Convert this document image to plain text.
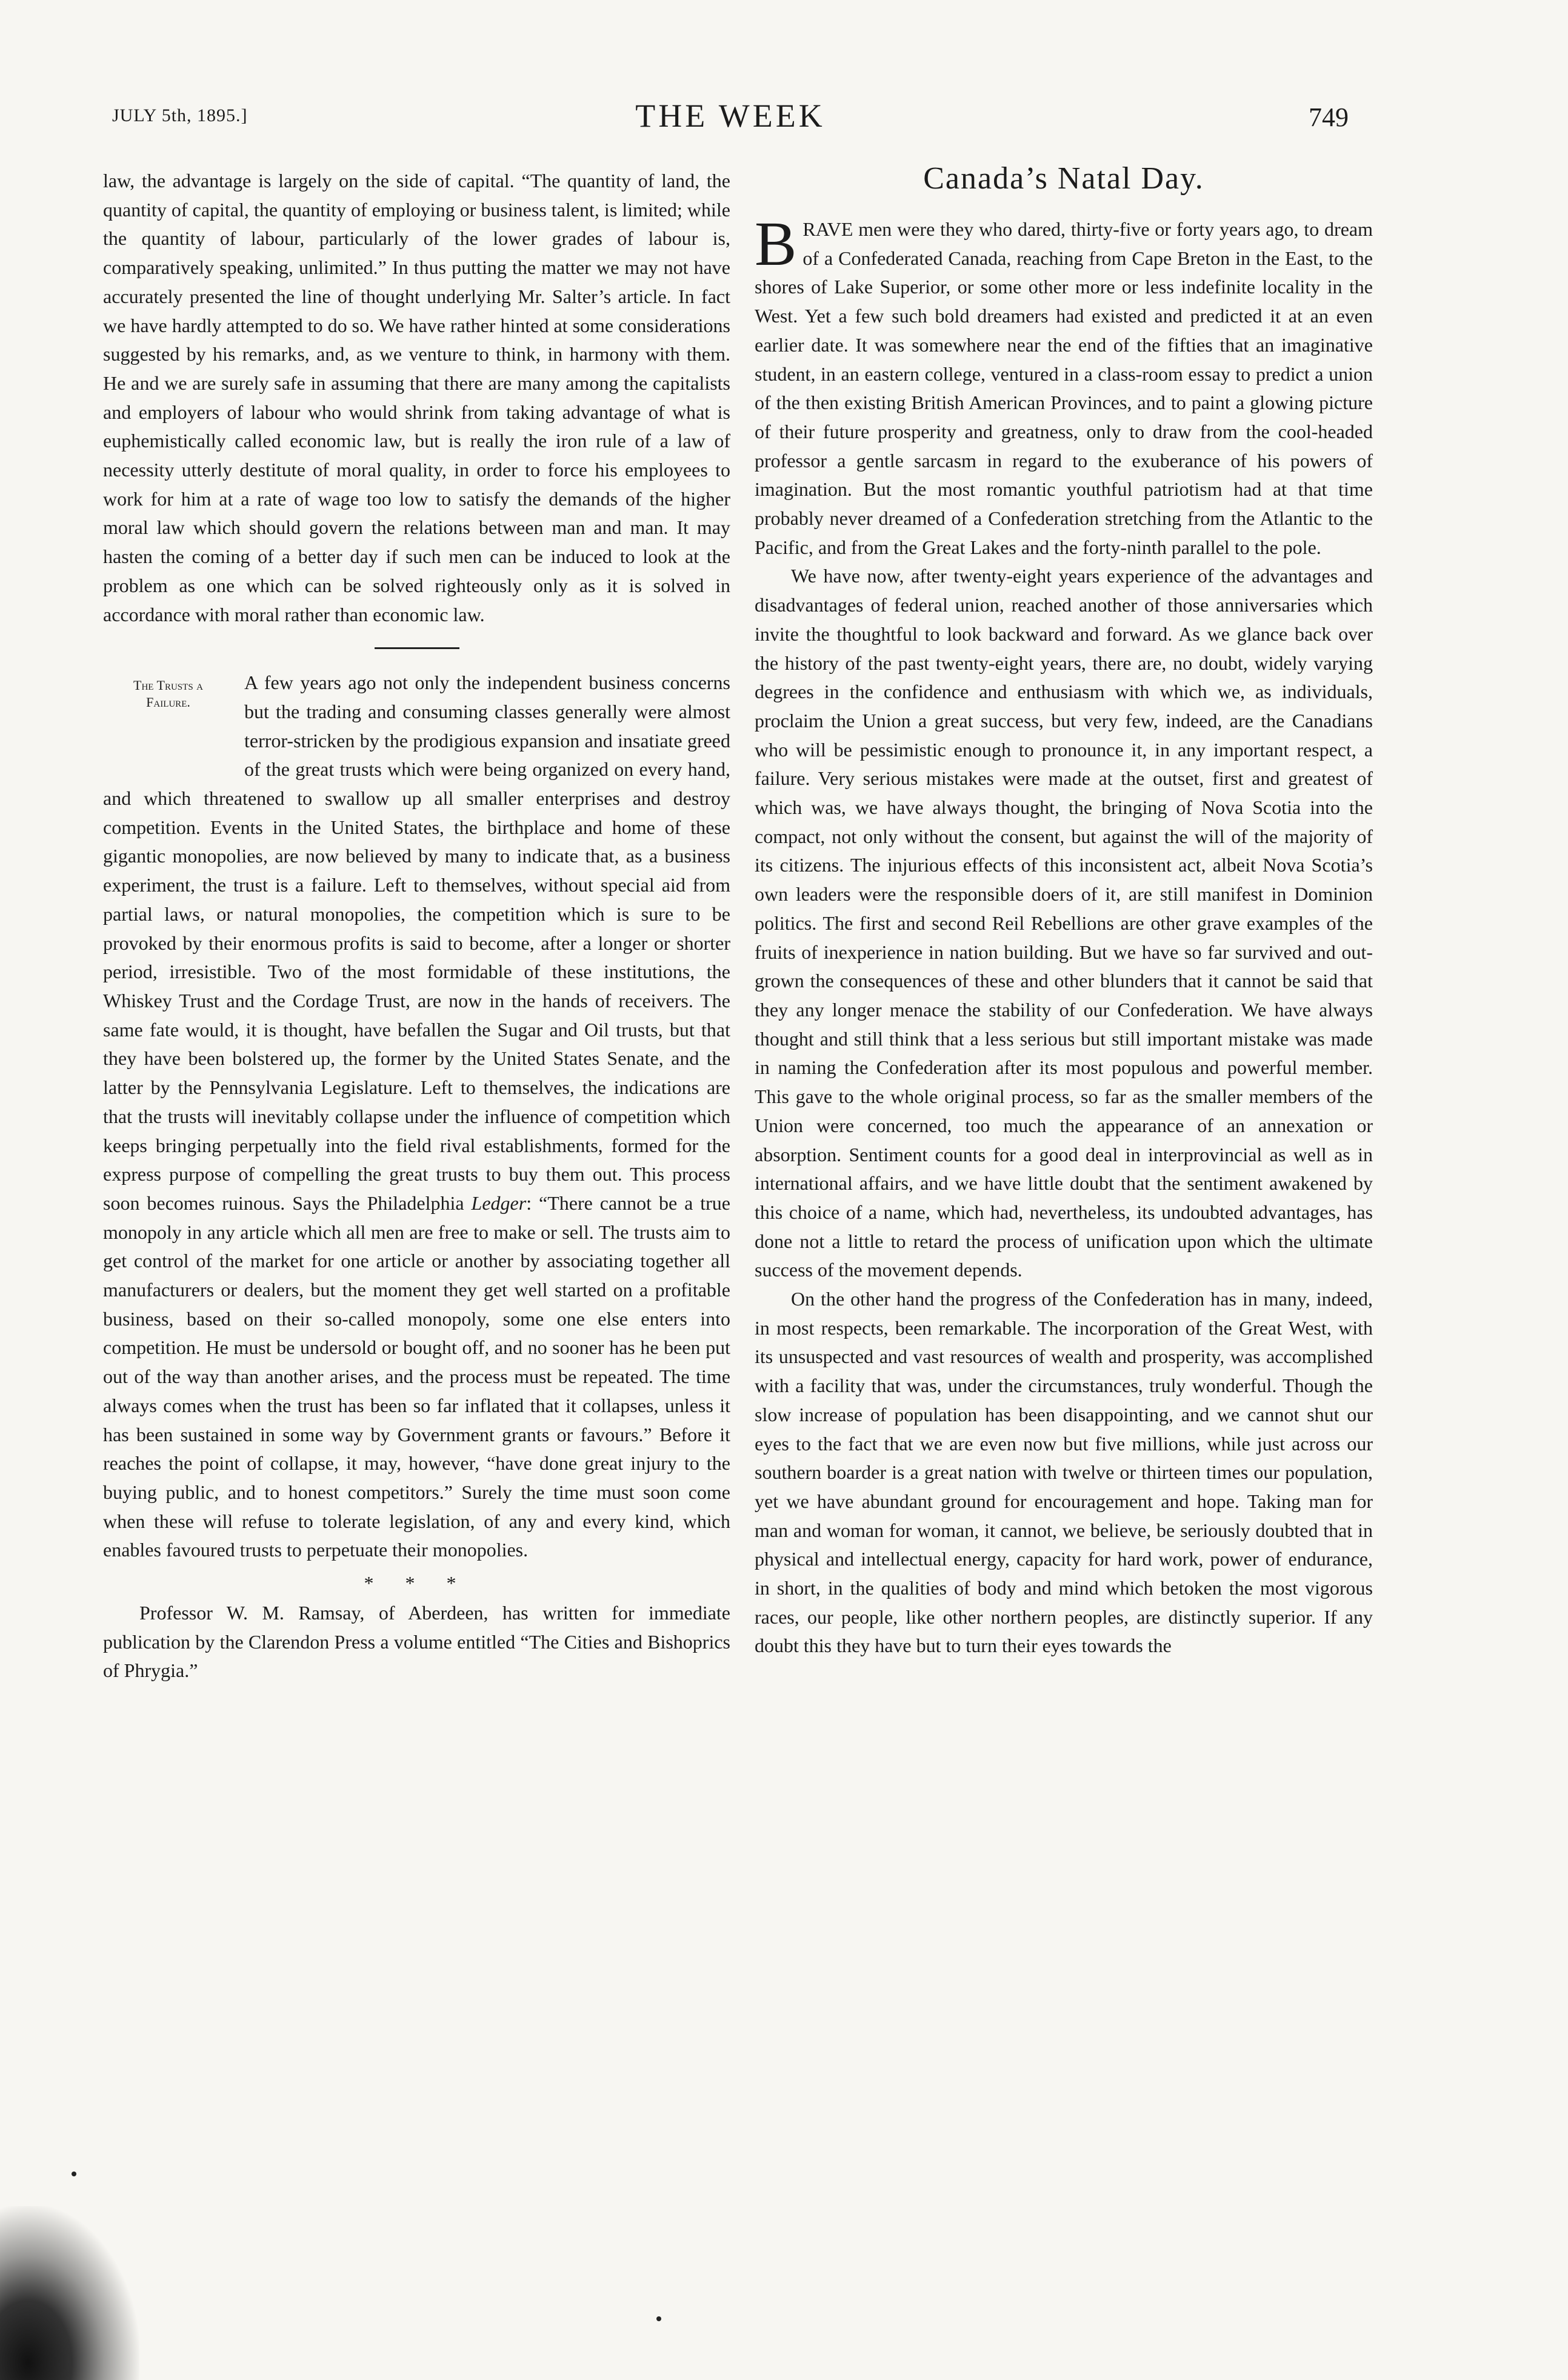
THE WEEK
JULY 5th, 1895.]	749

law, the advantage is largely on the side of capital. “The quantity of land, the quantity of capital, the quantity of employing or business talent, is limited; while the quantity of labour, particularly of the lower grades of labour is, comparatively speaking, unlimited.” In thus putting the matter we may not have accurately presented the line of thought underlying Mr. Salter’s article. In fact we have hardly attempted to do so. We have rather hinted at some considerations suggested by his remarks, and, as we venture to think, in harmony with them. He and we are surely safe in assuming that there are many among the capitalists and employers of labour who would shrink from taking advantage of what is euphemistically called economic law, but is really the iron rule of a law of necessity utterly destitute of moral quality, in order to force his employees to work for him at a rate of wage too low to satisfy the demands of the higher moral law which should govern the relations between man and man. It may hasten the coming of a better day if such men can be induced to look at the problem as one which can be solved righteously only as it is solved in accordance with moral rather than economic law.

The Trusts a
Failure.

A few years ago not only the independent business concerns but the trading and consuming classes generally were almost terror-stricken by the prodigious expansion and insatiate greed of the great trusts which were being organized on every hand, and which threatened to swallow up all smaller enterprises and destroy competition. Events in the United States, the birthplace and home of these gigantic monopolies, are now believed by many to indicate that, as a business experiment, the trust is a failure. Left to themselves, without special aid from partial laws, or natural monopolies, the competition which is sure to be provoked by their enormous profits is said to become, after a longer or shorter period, irresistible. Two of the most formidable of these institutions, the Whiskey Trust and the Cordage Trust, are now in the hands of receivers. The same fate would, it is thought, have befallen the Sugar and Oil trusts, but that they have been bolstered up, the former by the United States Senate, and the latter by the Pennsylvania Legislature. Left to themselves, the indications are that the trusts will inevitably collapse under the influence of competition which keeps bringing perpetually into the field rival establishments, formed for the express purpose of compelling the great trusts to buy them out. This process soon becomes ruinous. Says the Philadelphia Ledger: “There cannot be a true monopoly in any article which all men are free to make or sell. The trusts aim to get control of the market for one article or another by associating together all manufacturers or dealers, but the moment they get well started on a profitable business, based on their so-called monopoly, some one else enters into competition. He must be undersold or bought off, and no sooner has he been put out of the way than another arises, and the process must be repeated. The time always comes when the trust has been so far inflated that it collapses, unless it has been sustained in some way by Government grants or favours.” Before it reaches the point of collapse, it may, however, “have done great injury to the buying public, and to honest competitors.” Surely the time must soon come when these will refuse to tolerate legislation, of any and every kind, which enables favoured trusts to perpetuate their monopolies.

* * *

Professor W. M. Ramsay, of Aberdeen, has written for immediate publication by the Clarendon Press a volume entitled “The Cities and Bishoprics of Phrygia.”

Canada’s Natal Day.

BRAVE men were they who dared, thirty-five or forty years ago, to dream of a Confederated Canada, reaching from Cape Breton in the East, to the shores of Lake Superior, or some other more or less indefinite locality in the West. Yet a few such bold dreamers had existed and predicted it at an even earlier date. It was somewhere near the end of the fifties that an imaginative student, in an eastern college, ventured in a class-room essay to predict a union of the then existing British American Provinces, and to paint a glowing picture of their future prosperity and greatness, only to draw from the cool-headed professor a gentle sarcasm in regard to the exuberance of his powers of imagination. But the most romantic youthful patriotism had at that time probably never dreamed of a Confederation stretching from the Atlantic to the Pacific, and from the Great Lakes and the forty-ninth parallel to the pole.

We have now, after twenty-eight years experience of the advantages and disadvantages of federal union, reached another of those anniversaries which invite the thoughtful to look backward and forward. As we glance back over the history of the past twenty-eight years, there are, no doubt, widely varying degrees in the confidence and enthusiasm with which we, as individuals, proclaim the Union a great success, but very few, indeed, are the Canadians who will be pessimistic enough to pronounce it, in any important respect, a failure. Very serious mistakes were made at the outset, first and greatest of which was, we have always thought, the bringing of Nova Scotia into the compact, not only without the consent, but against the will of the majority of its citizens. The injurious effects of this inconsistent act, albeit Nova Scotia’s own leaders were the responsible doers of it, are still manifest in Dominion politics. The first and second Reil Rebellions are other grave examples of the fruits of inexperience in nation building. But we have so far survived and out-grown the consequences of these and other blunders that it cannot be said that they any longer menace the stability of our Confederation. We have always thought and still think that a less serious but still important mistake was made in naming the Confederation after its most populous and powerful member. This gave to the whole original process, so far as the smaller members of the Union were concerned, too much the appearance of an annexation or absorption. Sentiment counts for a good deal in interprovincial as well as in international affairs, and we have little doubt that the sentiment awakened by this choice of a name, which had, nevertheless, its undoubted advantages, has done not a little to retard the process of unification upon which the ultimate success of the movement depends.

On the other hand the progress of the Confederation has in many, indeed, in most respects, been remarkable. The incorporation of the Great West, with its unsuspected and vast resources of wealth and prosperity, was accomplished with a facility that was, under the circumstances, truly wonderful. Though the slow increase of population has been disappointing, and we cannot shut our eyes to the fact that we are even now but five millions, while just across our southern boarder is a great nation with twelve or thirteen times our population, yet we have abundant ground for encouragement and hope. Taking man for man and woman for woman, it cannot, we believe, be seriously doubted that in physical and intellectual energy, capacity for hard work, power of endurance, in short, in the qualities of body and mind which betoken the most vigorous races, our people, like other northern peoples, are distinctly superior. If any doubt this they have but to turn their eyes towards the
